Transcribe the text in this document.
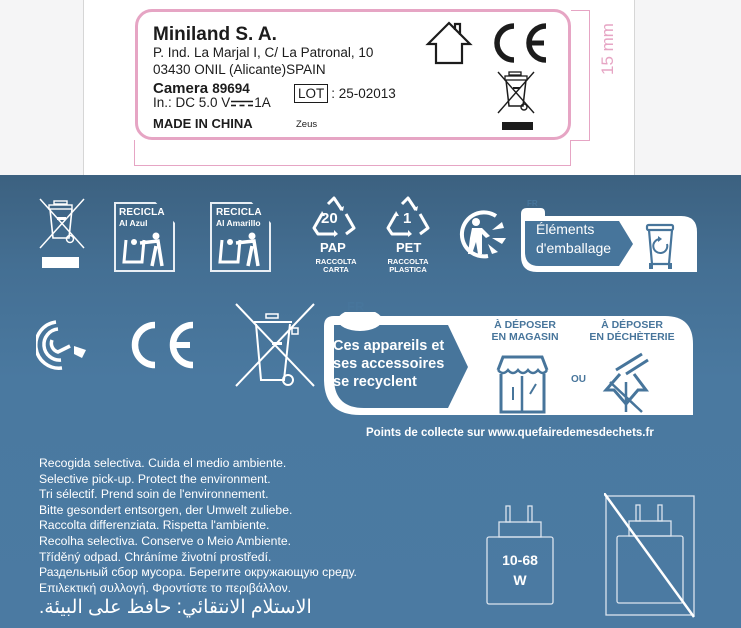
15 mm
Miniland S. A.
P. Ind. La Marjal I, C/ La Patronal, 10
03430 ONIL (Alicante)SPAIN
Camera 89694
In.: DC 5.0 V 1A
LOT : 25-02013
MADE IN CHINA	Zeus
RECICLA
Al Azul
RECICLA
Al Amarillo	20
PAP
RACCOLTA
CARTA
1
PET
RACCOLTA
PLASTICA
FR
Éléments
d'emballage
FR
Ces appareils et
ses accessoires
se recyclent
À DÉPOSER
EN MAGASIN
À DÉPOSER
EN DÉCHÈTERIE
OU
Points de collecte sur www.quefairedemesdechets.fr
Recogida selectiva. Cuida el medio ambiente.
Selective pick-up. Protect the environment.
Tri sélectif. Prend soin de l'environnement.
Bitte gesondert entsorgen, der Umwelt zuliebe.
Raccolta differenziata. Rispetta l'ambiente.
Recolha selectiva. Conserve o Meio Ambiente.
Tříděný odpad. Chráníme životní prostředí.
Раздельный сбор мусора. Берегите окружающую среду.
Επιλεκτική συλλογή. Φροντίστε το περιβάλλον.
الاستلام الانتقائي: حافظ على البيئة.
10-68
W
